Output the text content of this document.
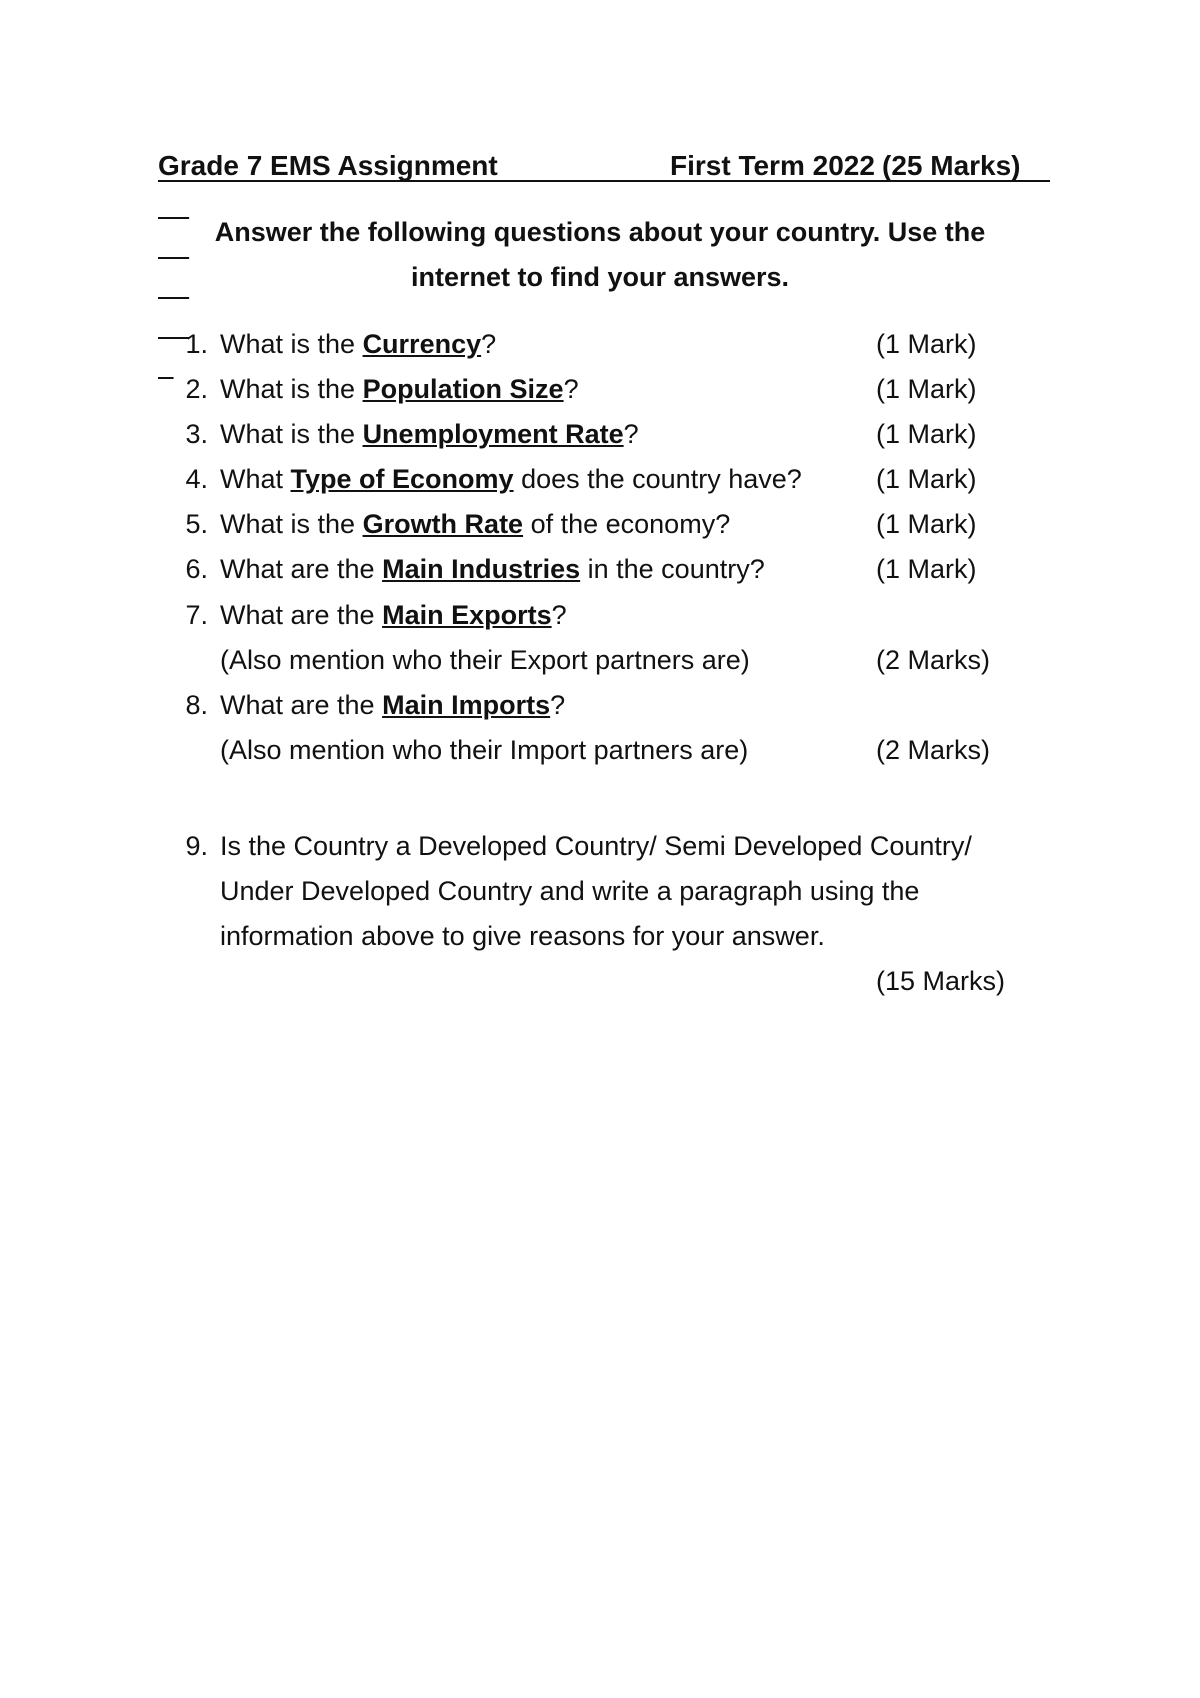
Grade 7 EMS Assignment

	First Term 2022

(25 Marks)

Answer the following questions about your country. Use the
internet to find your answers.
1. What is the Currency?	(1 Mark)
2. What is the Population Size?	(1 Mark)
3. What is the Unemployment Rate?	(1 Mark)
4. What Type of Economy does the country have?	(1 Mark)
5. What is the Growth Rate of the economy?	(1 Mark)
6. What are the Main Industries in the country?	(1 Mark)
7. What are the Main Exports?
(Also mention who their Export partners are)	(2 Marks)
8. What are the Main Imports?
(Also mention who their Import partners are)	(2 Marks)
9. Is the Country a Developed Country/ Semi Developed Country/
Under Developed Country and write a paragraph using the
information above to give reasons for your answer.
(15 Marks)
